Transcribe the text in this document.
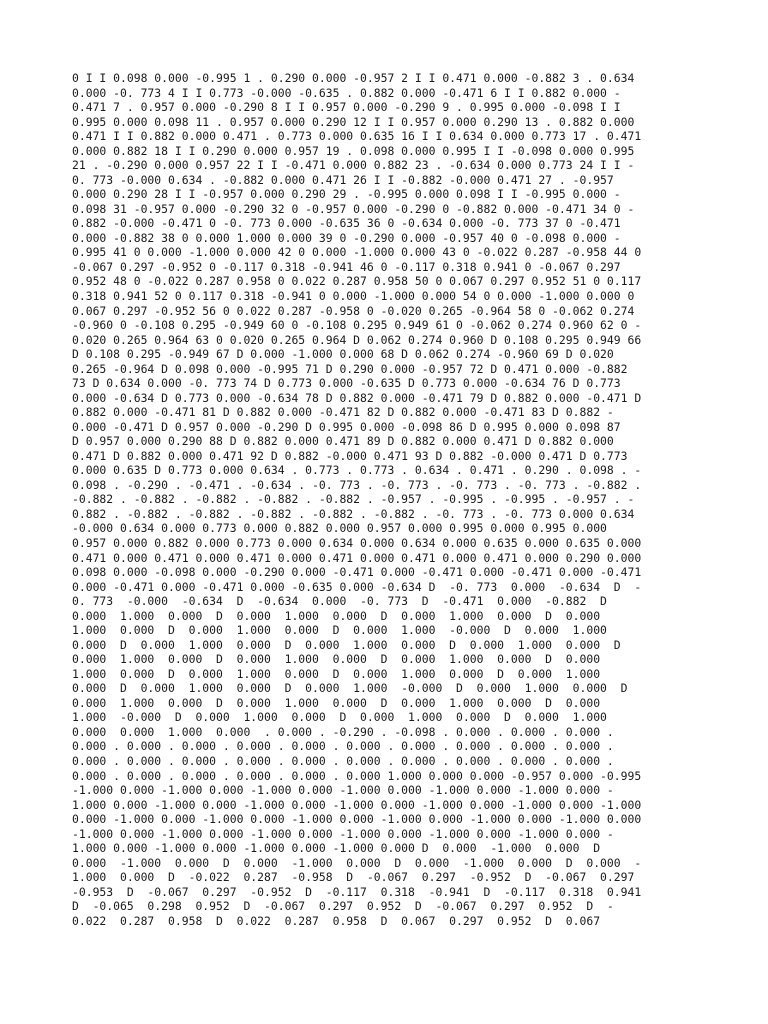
0 I I 0.098 0.000 -0.995 1 . 0.290 0.000 -0.957 2 I I 0.471 0.000 -0.882 3 . 0.634
0.000 -0. 773 4 I I 0.773 -0.000 -0.635 . 0.882 0.000 -0.471 6 I I 0.882 0.000 -
0.471 7 . 0.957 0.000 -0.290 8 I I 0.957 0.000 -0.290 9 . 0.995 0.000 -0.098 I I
0.995 0.000 0.098 11 . 0.957 0.000 0.290 12 I I 0.957 0.000 0.290 13 . 0.882 0.000
0.471 I I 0.882 0.000 0.471 . 0.773 0.000 0.635 16 I I 0.634 0.000 0.773 17 . 0.471
0.000 0.882 18 I I 0.290 0.000 0.957 19 . 0.098 0.000 0.995 I I -0.098 0.000 0.995
21 . -0.290 0.000 0.957 22 I I -0.471 0.000 0.882 23 . -0.634 0.000 0.773 24 I I -
0. 773 -0.000 0.634 . -0.882 0.000 0.471 26 I I -0.882 -0.000 0.471 27 . -0.957
0.000 0.290 28 I I -0.957 0.000 0.290 29 . -0.995 0.000 0.098 I I -0.995 0.000 -
0.098 31 -0.957 0.000 -0.290 32 0 -0.957 0.000 -0.290 0 -0.882 0.000 -0.471 34 0 -
0.882 -0.000 -0.471 0 -0. 773 0.000 -0.635 36 0 -0.634 0.000 -0. 773 37 0 -0.471
0.000 -0.882 38 0 0.000 1.000 0.000 39 0 -0.290 0.000 -0.957 40 0 -0.098 0.000 -
0.995 41 0 0.000 -1.000 0.000 42 0 0.000 -1.000 0.000 43 0 -0.022 0.287 -0.958 44 0
-0.067 0.297 -0.952 0 -0.117 0.318 -0.941 46 0 -0.117 0.318 0.941 0 -0.067 0.297
0.952 48 0 -0.022 0.287 0.958 0 0.022 0.287 0.958 50 0 0.067 0.297 0.952 51 0 0.117
0.318 0.941 52 0 0.117 0.318 -0.941 0 0.000 -1.000 0.000 54 0 0.000 -1.000 0.000 0
0.067 0.297 -0.952 56 0 0.022 0.287 -0.958 0 -0.020 0.265 -0.964 58 0 -0.062 0.274
-0.960 0 -0.108 0.295 -0.949 60 0 -0.108 0.295 0.949 61 0 -0.062 0.274 0.960 62 0 -
0.020 0.265 0.964 63 0 0.020 0.265 0.964 D 0.062 0.274 0.960 D 0.108 0.295 0.949 66
D 0.108 0.295 -0.949 67 D 0.000 -1.000 0.000 68 D 0.062 0.274 -0.960 69 D 0.020
0.265 -0.964 D 0.098 0.000 -0.995 71 D 0.290 0.000 -0.957 72 D 0.471 0.000 -0.882
73 D 0.634 0.000 -0. 773 74 D 0.773 0.000 -0.635 D 0.773 0.000 -0.634 76 D 0.773
0.000 -0.634 D 0.773 0.000 -0.634 78 D 0.882 0.000 -0.471 79 D 0.882 0.000 -0.471 D
0.882 0.000 -0.471 81 D 0.882 0.000 -0.471 82 D 0.882 0.000 -0.471 83 D 0.882 -
0.000 -0.471 D 0.957 0.000 -0.290 D 0.995 0.000 -0.098 86 D 0.995 0.000 0.098 87
D 0.957 0.000 0.290 88 D 0.882 0.000 0.471 89 D 0.882 0.000 0.471 D 0.882 0.000
0.471 D 0.882 0.000 0.471 92 D 0.882 -0.000 0.471 93 D 0.882 -0.000 0.471 D 0.773
0.000 0.635 D 0.773 0.000 0.634 . 0.773 . 0.773 . 0.634 . 0.471 . 0.290 . 0.098 . -
0.098 . -0.290 . -0.471 . -0.634 . -0. 773 . -0. 773 . -0. 773 . -0. 773 . -0.882 .
-0.882 . -0.882 . -0.882 . -0.882 . -0.882 . -0.957 . -0.995 . -0.995 . -0.957 . -
0.882 . -0.882 . -0.882 . -0.882 . -0.882 . -0.882 . -0. 773 . -0. 773 0.000 0.634
-0.000 0.634 0.000 0.773 0.000 0.882 0.000 0.957 0.000 0.995 0.000 0.995 0.000
0.957 0.000 0.882 0.000 0.773 0.000 0.634 0.000 0.634 0.000 0.635 0.000 0.635 0.000
0.471 0.000 0.471 0.000 0.471 0.000 0.471 0.000 0.471 0.000 0.471 0.000 0.290 0.000
0.098 0.000 -0.098 0.000 -0.290 0.000 -0.471 0.000 -0.471 0.000 -0.471 0.000 -0.471
0.000 -0.471 0.000 -0.471 0.000 -0.635 0.000 -0.634 D  -0. 773  0.000  -0.634  D  -
0. 773  -0.000  -0.634  D  -0.634  0.000  -0. 773  D  -0.471  0.000  -0.882  D
0.000  1.000  0.000  D  0.000  1.000  0.000  D  0.000  1.000  0.000  D  0.000
1.000  0.000  D  0.000  1.000  0.000  D  0.000  1.000  -0.000  D  0.000  1.000
0.000  D  0.000  1.000  0.000  D  0.000  1.000  0.000  D  0.000  1.000  0.000  D
0.000  1.000  0.000  D  0.000  1.000  0.000  D  0.000  1.000  0.000  D  0.000
1.000  0.000  D  0.000  1.000  0.000  D  0.000  1.000  0.000  D  0.000  1.000
0.000  D  0.000  1.000  0.000  D  0.000  1.000  -0.000  D  0.000  1.000  0.000  D
0.000  1.000  0.000  D  0.000  1.000  0.000  D  0.000  1.000  0.000  D  0.000
1.000  -0.000  D  0.000  1.000  0.000  D  0.000  1.000  0.000  D  0.000  1.000
0.000  0.000  1.000  0.000  . 0.000 . -0.290 . -0.098 . 0.000 . 0.000 . 0.000 .
0.000 . 0.000 . 0.000 . 0.000 . 0.000 . 0.000 . 0.000 . 0.000 . 0.000 . 0.000 .
0.000 . 0.000 . 0.000 . 0.000 . 0.000 . 0.000 . 0.000 . 0.000 . 0.000 . 0.000 .
0.000 . 0.000 . 0.000 . 0.000 . 0.000 . 0.000 1.000 0.000 0.000 -0.957 0.000 -0.995
-1.000 0.000 -1.000 0.000 -1.000 0.000 -1.000 0.000 -1.000 0.000 -1.000 0.000 -
1.000 0.000 -1.000 0.000 -1.000 0.000 -1.000 0.000 -1.000 0.000 -1.000 0.000 -1.000
0.000 -1.000 0.000 -1.000 0.000 -1.000 0.000 -1.000 0.000 -1.000 0.000 -1.000 0.000
-1.000 0.000 -1.000 0.000 -1.000 0.000 -1.000 0.000 -1.000 0.000 -1.000 0.000 -
1.000 0.000 -1.000 0.000 -1.000 0.000 -1.000 0.000 D  0.000  -1.000  0.000  D
0.000  -1.000  0.000  D  0.000  -1.000  0.000  D  0.000  -1.000  0.000  D  0.000  -
1.000  0.000  D  -0.022  0.287  -0.958  D  -0.067  0.297  -0.952  D  -0.067  0.297
-0.953  D  -0.067  0.297  -0.952  D  -0.117  0.318  -0.941  D  -0.117  0.318  0.941
D  -0.065  0.298  0.952  D  -0.067  0.297  0.952  D  -0.067  0.297  0.952  D  -
0.022  0.287  0.958  D  0.022  0.287  0.958  D  0.067  0.297  0.952  D  0.067
